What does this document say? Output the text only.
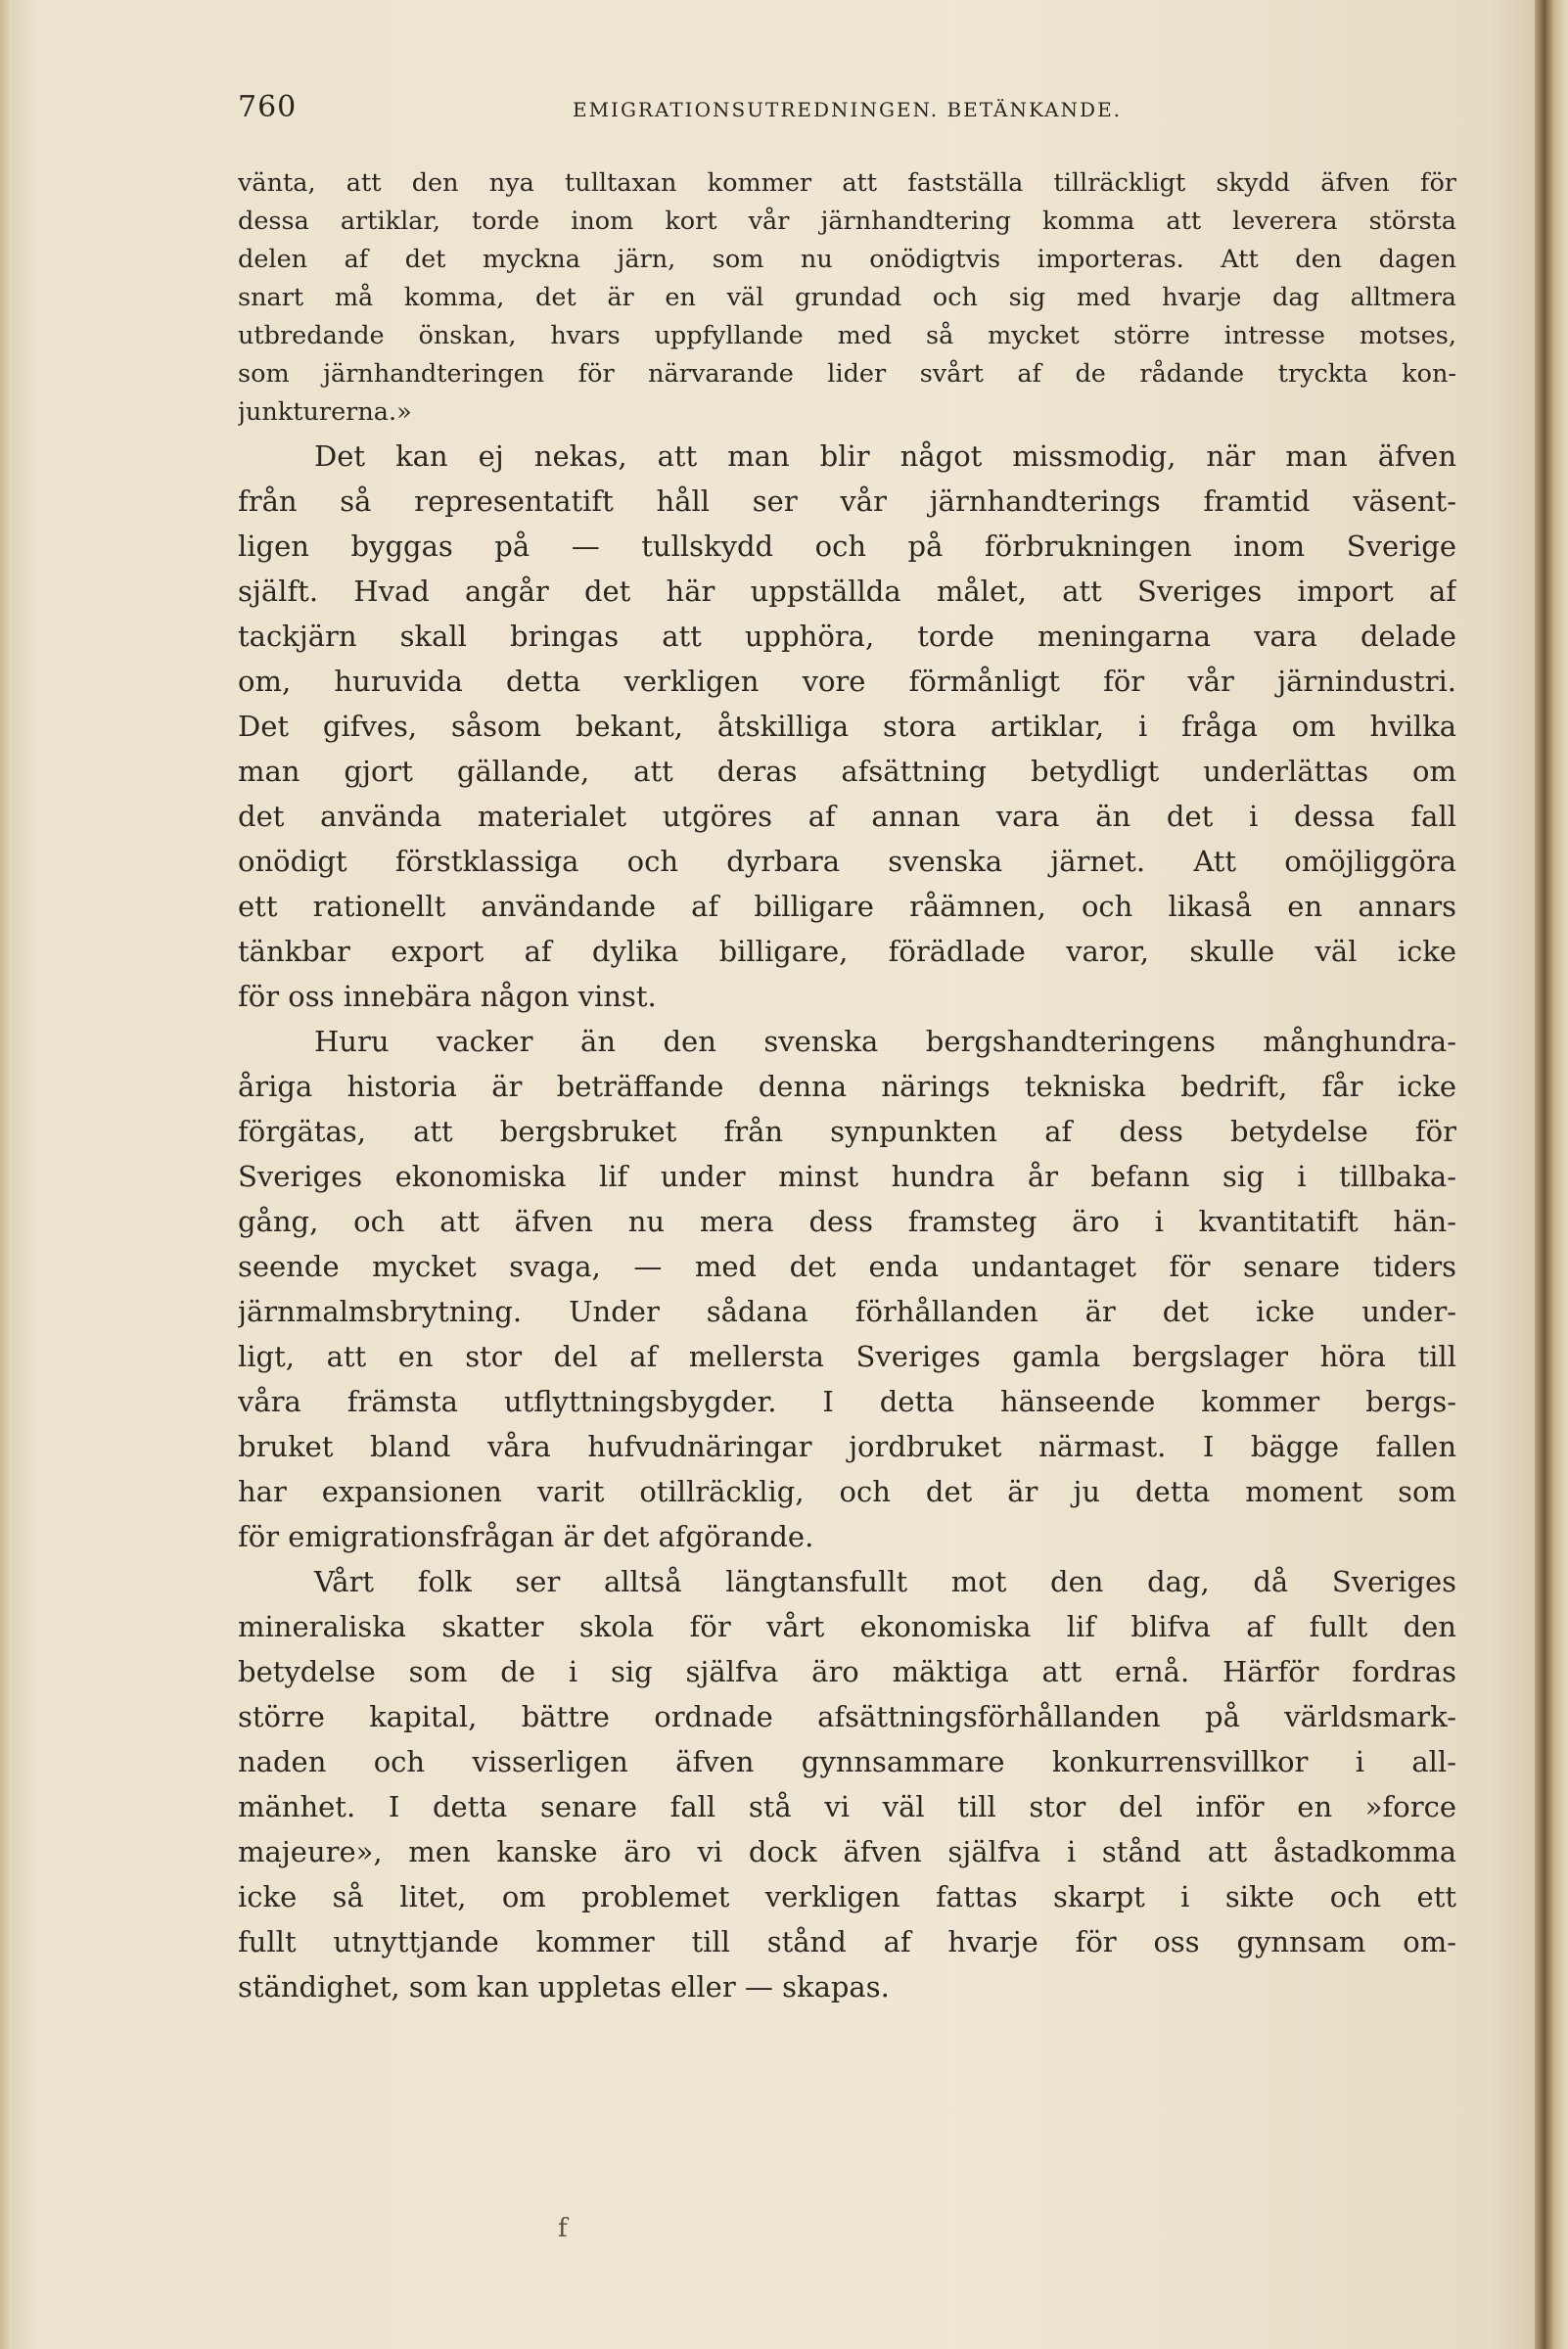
760	EMIGRATIONSUTREDNINGEN. BETÄNKANDE.
vänta, att den nya tulltaxan kommer att fastställa tillräckligt skydd äfven för
dessa artiklar, torde inom kort vår järnhandtering komma att leverera största
delen af det myckna järn, som nu onödigtvis importeras. Att den dagen
snart må komma, det är en väl grundad och sig med hvarje dag alltmera
utbredande önskan, hvars uppfyllande med så mycket större intresse motses,
som järnhandteringen för närvarande lider svårt af de rådande tryckta kon-
junkturerna.»
Det kan ej nekas, att man blir något missmodig, när man äfven
från så representatift håll ser vår järnhandterings framtid väsent-
ligen byggas på — tullskydd och på förbrukningen inom Sverige
själft. Hvad angår det här uppställda målet, att Sveriges import af
tackjärn skall bringas att upphöra, torde meningarna vara delade
om, huruvida detta verkligen vore förmånligt för vår järnindustri.
Det gifves, såsom bekant, åtskilliga stora artiklar, i fråga om hvilka
man gjort gällande, att deras afsättning betydligt underlättas om
det använda materialet utgöres af annan vara än det i dessa fall
onödigt förstklassiga och dyrbara svenska järnet. Att omöjliggöra
ett rationellt användande af billigare råämnen, och likaså en annars
tänkbar export af dylika billigare, förädlade varor, skulle väl icke
för oss innebära någon vinst.
Huru vacker än den svenska bergshandteringens månghundra-
åriga historia är beträffande denna närings tekniska bedrift, får icke
förgätas, att bergsbruket från synpunkten af dess betydelse för
Sveriges ekonomiska lif under minst hundra år befann sig i tillbaka-
gång, och att äfven nu mera dess framsteg äro i kvantitatift hän-
seende mycket svaga, — med det enda undantaget för senare tiders
järnmalmsbrytning. Under sådana förhållanden är det icke under-
ligt, att en stor del af mellersta Sveriges gamla bergslager höra till
våra främsta utflyttningsbygder. I detta hänseende kommer bergs-
bruket bland våra hufvudnäringar jordbruket närmast. I bägge fallen
har expansionen varit otillräcklig, och det är ju detta moment som
för emigrationsfrågan är det afgörande.
Vårt folk ser alltså längtansfullt mot den dag, då Sveriges
mineraliska skatter skola för vårt ekonomiska lif blifva af fullt den
betydelse som de i sig själfva äro mäktiga att ernå. Härför fordras
större kapital, bättre ordnade afsättningsförhållanden på världsmark-
naden och visserligen äfven gynnsammare konkurrensvillkor i all-
mänhet. I detta senare fall stå vi väl till stor del inför en »force
majeure», men kanske äro vi dock äfven själfva i stånd att åstadkomma
icke så litet, om problemet verkligen fattas skarpt i sikte och ett
fullt utnyttjande kommer till stånd af hvarje för oss gynnsam om-
ständighet, som kan uppletas eller — skapas.
f
